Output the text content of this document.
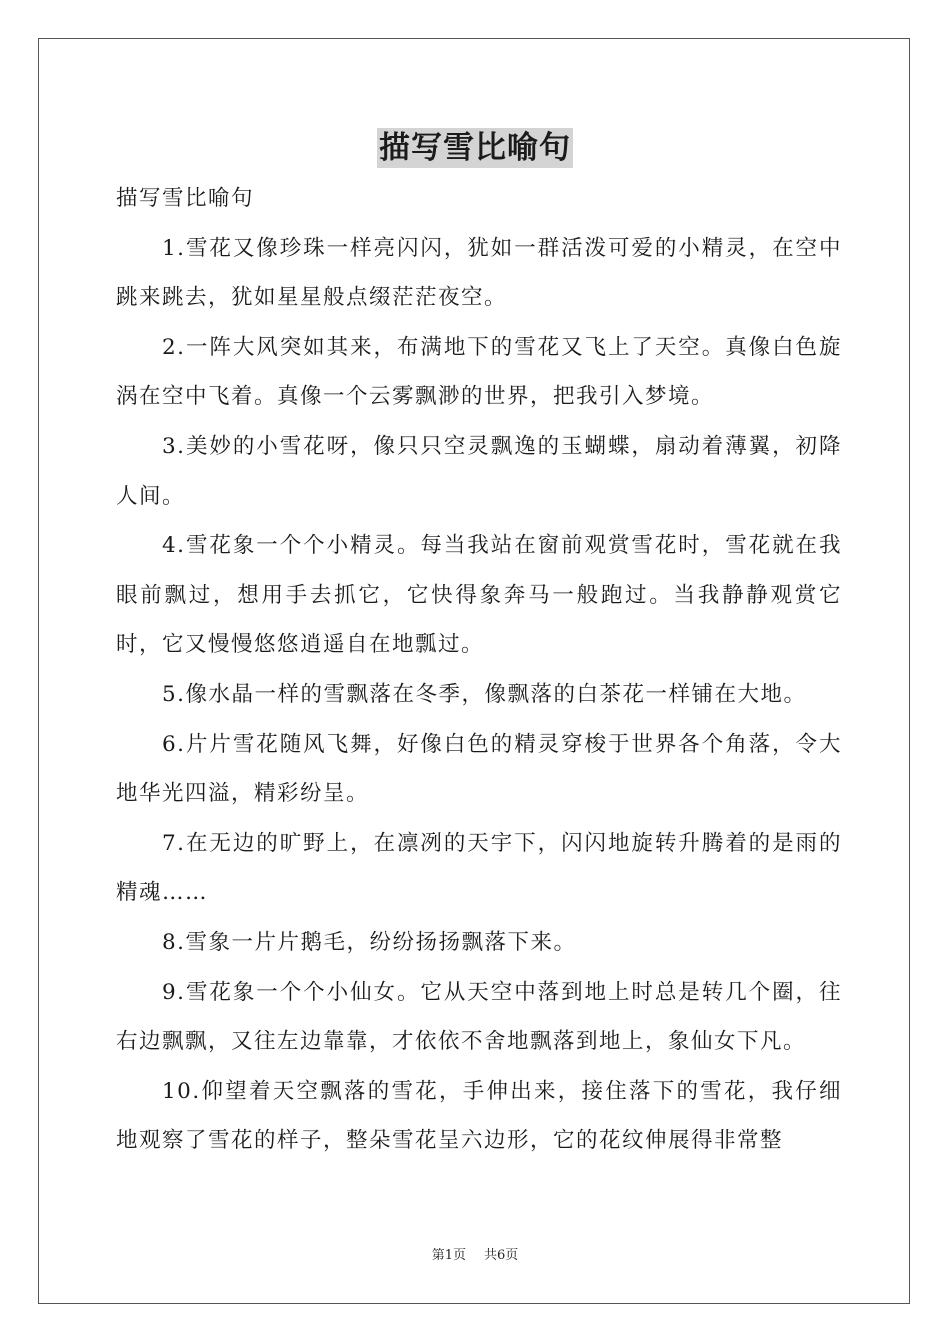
描写雪比喻句

描写雪比喻句

1.雪花又像珍珠一样亮闪闪，犹如一群活泼可爱的小精灵，在空中跳来跳去，犹如星星般点缀茫茫夜空。

2.一阵大风突如其来，布满地下的雪花又飞上了天空。真像白色旋涡在空中飞着。真像一个云雾飘渺的世界，把我引入梦境。

3.美妙的小雪花呀，像只只空灵飘逸的玉蝴蝶，扇动着薄翼，初降人间。

4.雪花象一个个小精灵。每当我站在窗前观赏雪花时，雪花就在我眼前飘过，想用手去抓它，它快得象奔马一般跑过。当我静静观赏它时，它又慢慢悠悠逍遥自在地瓢过。

5.像水晶一样的雪飘落在冬季，像飘落的白茶花一样铺在大地。

6.片片雪花随风飞舞，好像白色的精灵穿梭于世界各个角落，令大地华光四溢，精彩纷呈。

7.在无边的旷野上，在凛冽的天宇下，闪闪地旋转升腾着的是雨的精魂……

8.雪象一片片鹅毛，纷纷扬扬飘落下来。

9.雪花象一个个小仙女。它从天空中落到地上时总是转几个圈，往右边飘飘，又往左边靠靠，才依依不舍地飘落到地上，象仙女下凡。

10.仰望着天空飘落的雪花，手伸出来，接住落下的雪花，我仔细地观察了雪花的样子，整朵雪花呈六边形，它的花纹伸展得非常整

第1页 共6页
